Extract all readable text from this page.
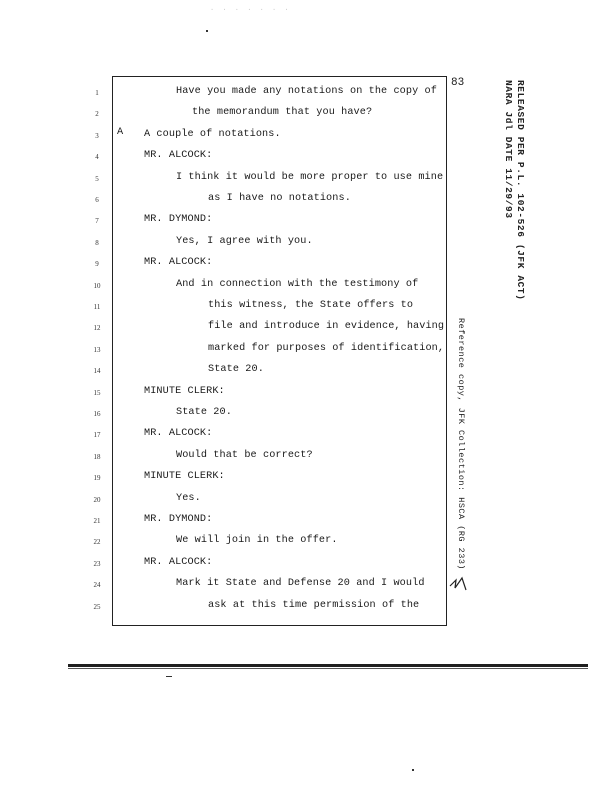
. . . . . . .
83
1
2
3
4
5
6
7
8
9
10
11
12
13
14
15
16
17
18
19
20
21
22
23
24
25
A
Have you made any notations on the copy of
the memorandum that you have?
A couple of notations.
MR. ALCOCK:
I think it would be more proper to use mine
as I have no notations.
MR. DYMOND:
Yes, I agree with you.
MR. ALCOCK:
And in connection with the testimony of
this witness, the State offers to
file and introduce in evidence, having
marked for purposes of identification,
State 20.
MINUTE CLERK:
State 20.
MR. ALCOCK:
Would that be correct?
MINUTE CLERK:
Yes.
MR. DYMOND:
We will join in the offer.
MR. ALCOCK:
Mark it State and Defense 20 and I would
ask at this time permission of the
RELEASED PER P.L. 102-526 (JFK ACT)
NARA Jdl DATE 11/29/93
Reference copy, JFK Collection: HSCA (RG 233)
